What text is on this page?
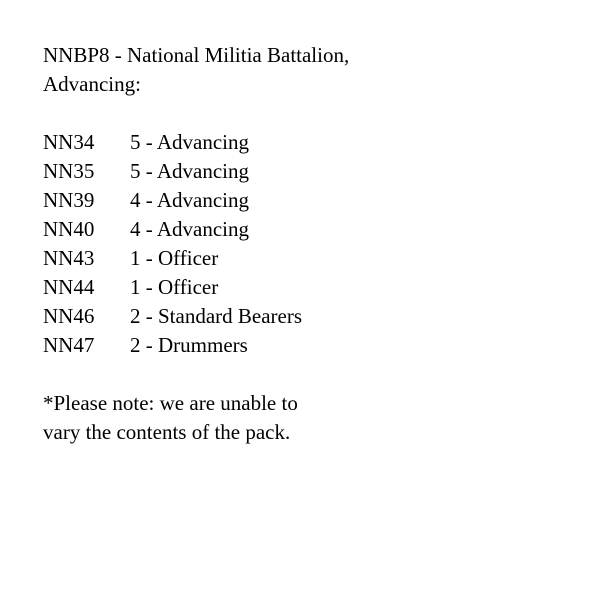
NNBP8 - National Militia Battalion,
Advancing:
NN34	5 - Advancing
NN35	5 - Advancing
NN39	4 - Advancing
NN40	4 - Advancing
NN43	1 - Officer
NN44	1 - Officer
NN46	2 - Standard Bearers
NN47	2 - Drummers
*Please note: we are unable to
vary the contents of the pack.
